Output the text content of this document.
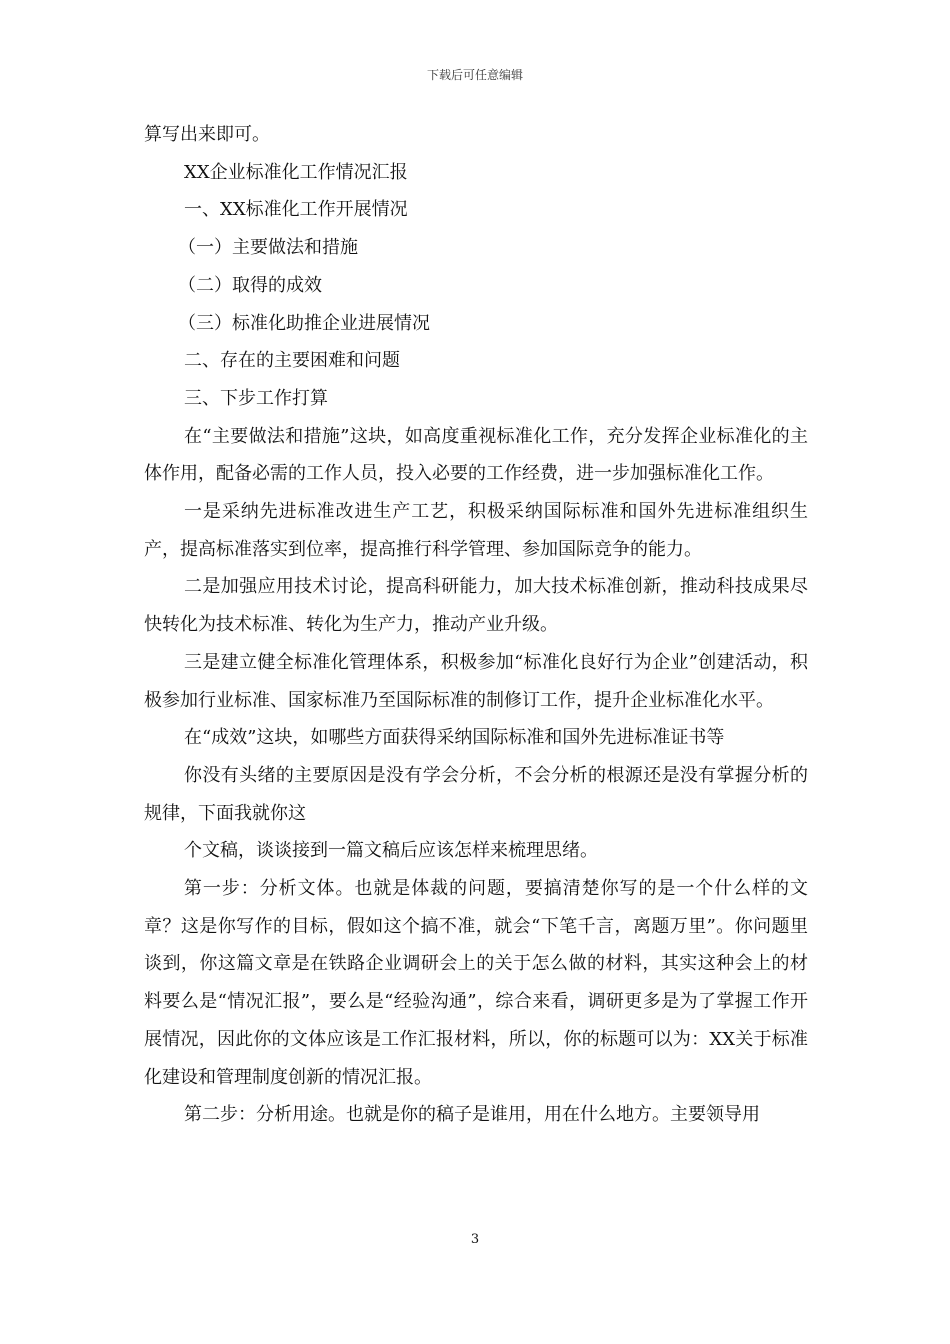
下载后可任意编辑

算写出来即可。

XX企业标准化工作情况汇报

一、XX标准化工作开展情况

（一）主要做法和措施

（二）取得的成效

（三）标准化助推企业进展情况

二、存在的主要困难和问题

三、下步工作打算

在“主要做法和措施”这块，如高度重视标准化工作，充分发挥企业标准化的主体作用，配备必需的工作人员，投入必要的工作经费，进一步加强标准化工作。

一是采纳先进标准改进生产工艺，积极采纳国际标准和国外先进标准组织生产，提高标准落实到位率，提高推行科学管理、参加国际竞争的能力。

二是加强应用技术讨论，提高科研能力，加大技术标准创新，推动科技成果尽快转化为技术标准、转化为生产力，推动产业升级。

三是建立健全标准化管理体系，积极参加“标准化良好行为企业”创建活动，积极参加行业标准、国家标准乃至国际标准的制修订工作，提升企业标准化水平。

在“成效”这块，如哪些方面获得采纳国际标准和国外先进标准证书等

你没有头绪的主要原因是没有学会分析，不会分析的根源还是没有掌握分析的规律，下面我就你这

个文稿，谈谈接到一篇文稿后应该怎样来梳理思绪。

第一步：分析文体。也就是体裁的问题，要搞清楚你写的是一个什么样的文章？这是你写作的目标，假如这个搞不准，就会“下笔千言，离题万里”。你问题里谈到，你这篇文章是在铁路企业调研会上的关于怎么做的材料，其实这种会上的材料要么是“情况汇报”，要么是“经验沟通”，综合来看，调研更多是为了掌握工作开展情况，因此你的文体应该是工作汇报材料，所以，你的标题可以为：XX关于标准化建设和管理制度创新的情况汇报。

第二步：分析用途。也就是你的稿子是谁用，用在什么地方。主要领导用

3
